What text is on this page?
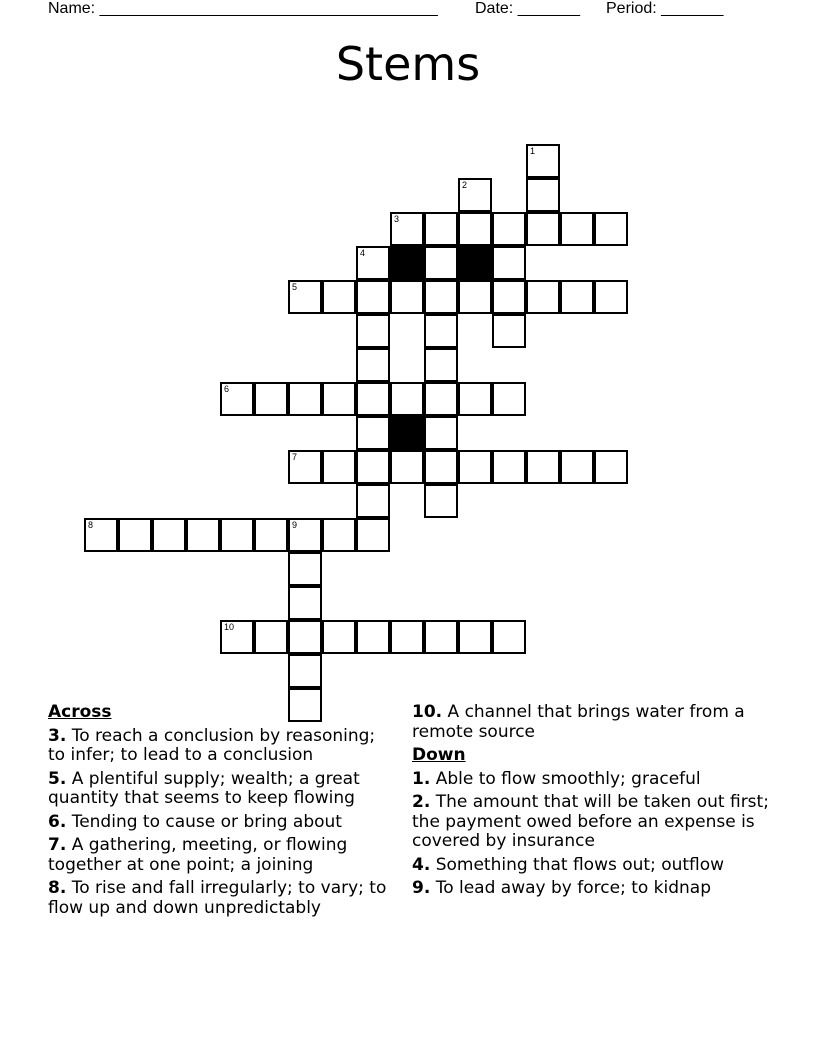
Name: ______________________________________ Date: _______ Period: _______
Stems
1
2
3
4
5
6
7
8	9
10
Across
3. To reach a conclusion by reasoning; to infer; to lead to a conclusion
5. A plentiful supply; wealth; a great quantity that seems to keep flowing
6. Tending to cause or bring about
7. A gathering, meeting, or flowing together at one point; a joining
8. To rise and fall irregularly; to vary; to flow up and down unpredictably
10. A channel that brings water from a remote source
Down
1. Able to flow smoothly; graceful
2. The amount that will be taken out first; the payment owed before an expense is covered by insurance
4. Something that flows out; outflow
9. To lead away by force; to kidnap
